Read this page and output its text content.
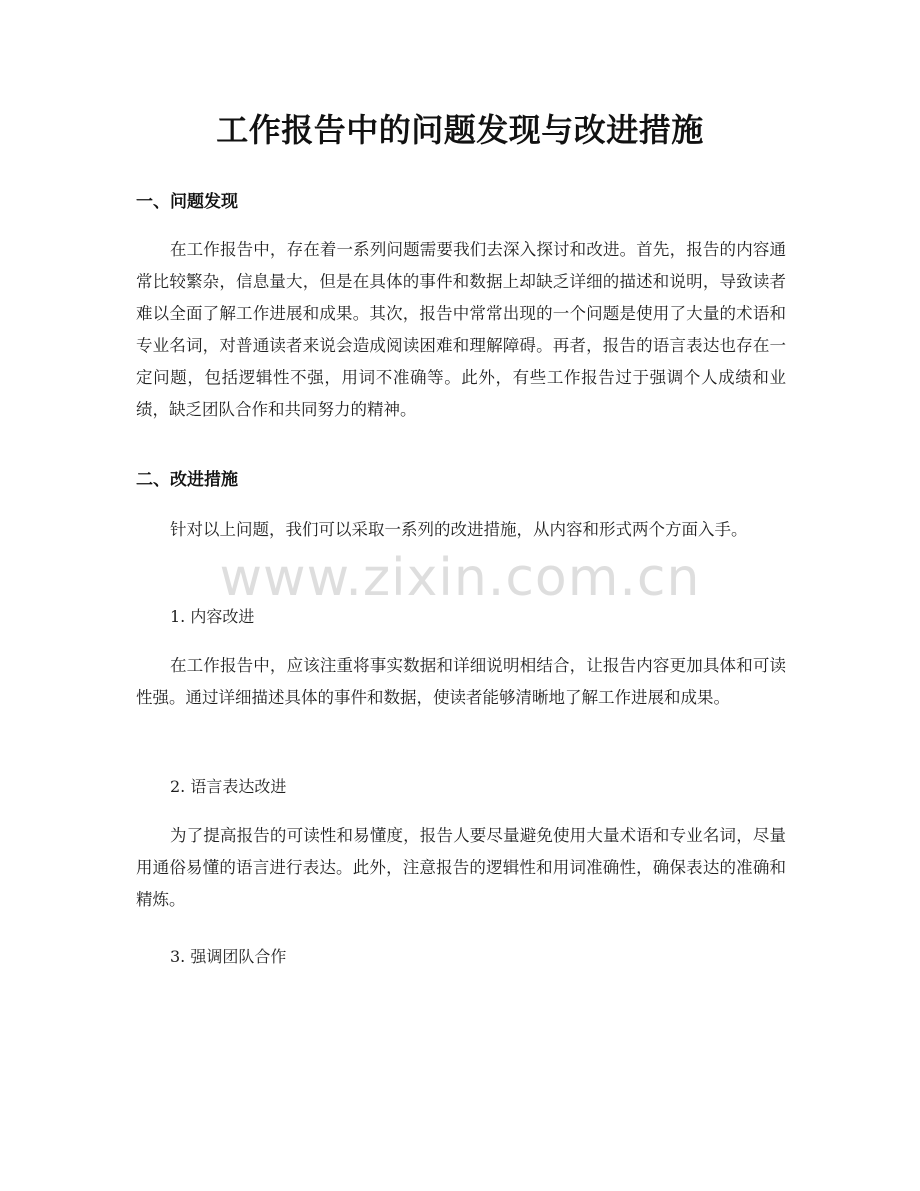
工作报告中的问题发现与改进措施
一、问题发现

在工作报告中，存在着一系列问题需要我们去深入探讨和改进。首先，报告的内容通常比较繁杂，信息量大，但是在具体的事件和数据上却缺乏详细的描述和说明，导致读者难以全面了解工作进展和成果。其次，报告中常常出现的一个问题是使用了大量的术语和专业名词，对普通读者来说会造成阅读困难和理解障碍。再者，报告的语言表达也存在一定问题，包括逻辑性不强，用词不准确等。此外，有些工作报告过于强调个人成绩和业绩，缺乏团队合作和共同努力的精神。

二、改进措施

针对以上问题，我们可以采取一系列的改进措施，从内容和形式两个方面入手。

1. 内容改进

在工作报告中，应该注重将事实数据和详细说明相结合，让报告内容更加具体和可读性强。通过详细描述具体的事件和数据，使读者能够清晰地了解工作进展和成果。

2. 语言表达改进

为了提高报告的可读性和易懂度，报告人要尽量避免使用大量术语和专业名词，尽量用通俗易懂的语言进行表达。此外，注意报告的逻辑性和用词准确性，确保表达的准确和精炼。

3. 强调团队合作

www.zixin.com.cn
